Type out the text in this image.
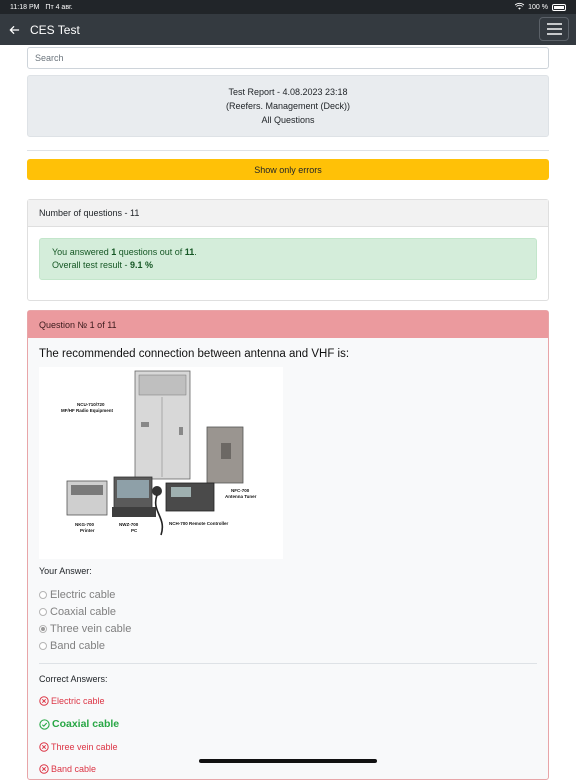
11:18 PM Пт 4 авг.	100 %
CES Test
Search
Test Report - 4.08.2023 23:18
(Reefers. Management (Deck))
All Questions
Show only errors
Number of questions - 11
You answered 1 questions out of 11.
Overall test result - 9.1 %
Question № 1 of 11
The recommended connection between antenna and VHF is:
NCU-710/720
MF/HF Radio Equipment
NFC-700
Antenna Tuner
NKG-700
Printer
NWZ-700
PC
NCH-700 Remote Controller
Your Answer:
Electric cable
Coaxial cable
Three vein cable
Band cable
Correct Answers:
Electric cable
Coaxial cable
Three vein cable
Band cable
